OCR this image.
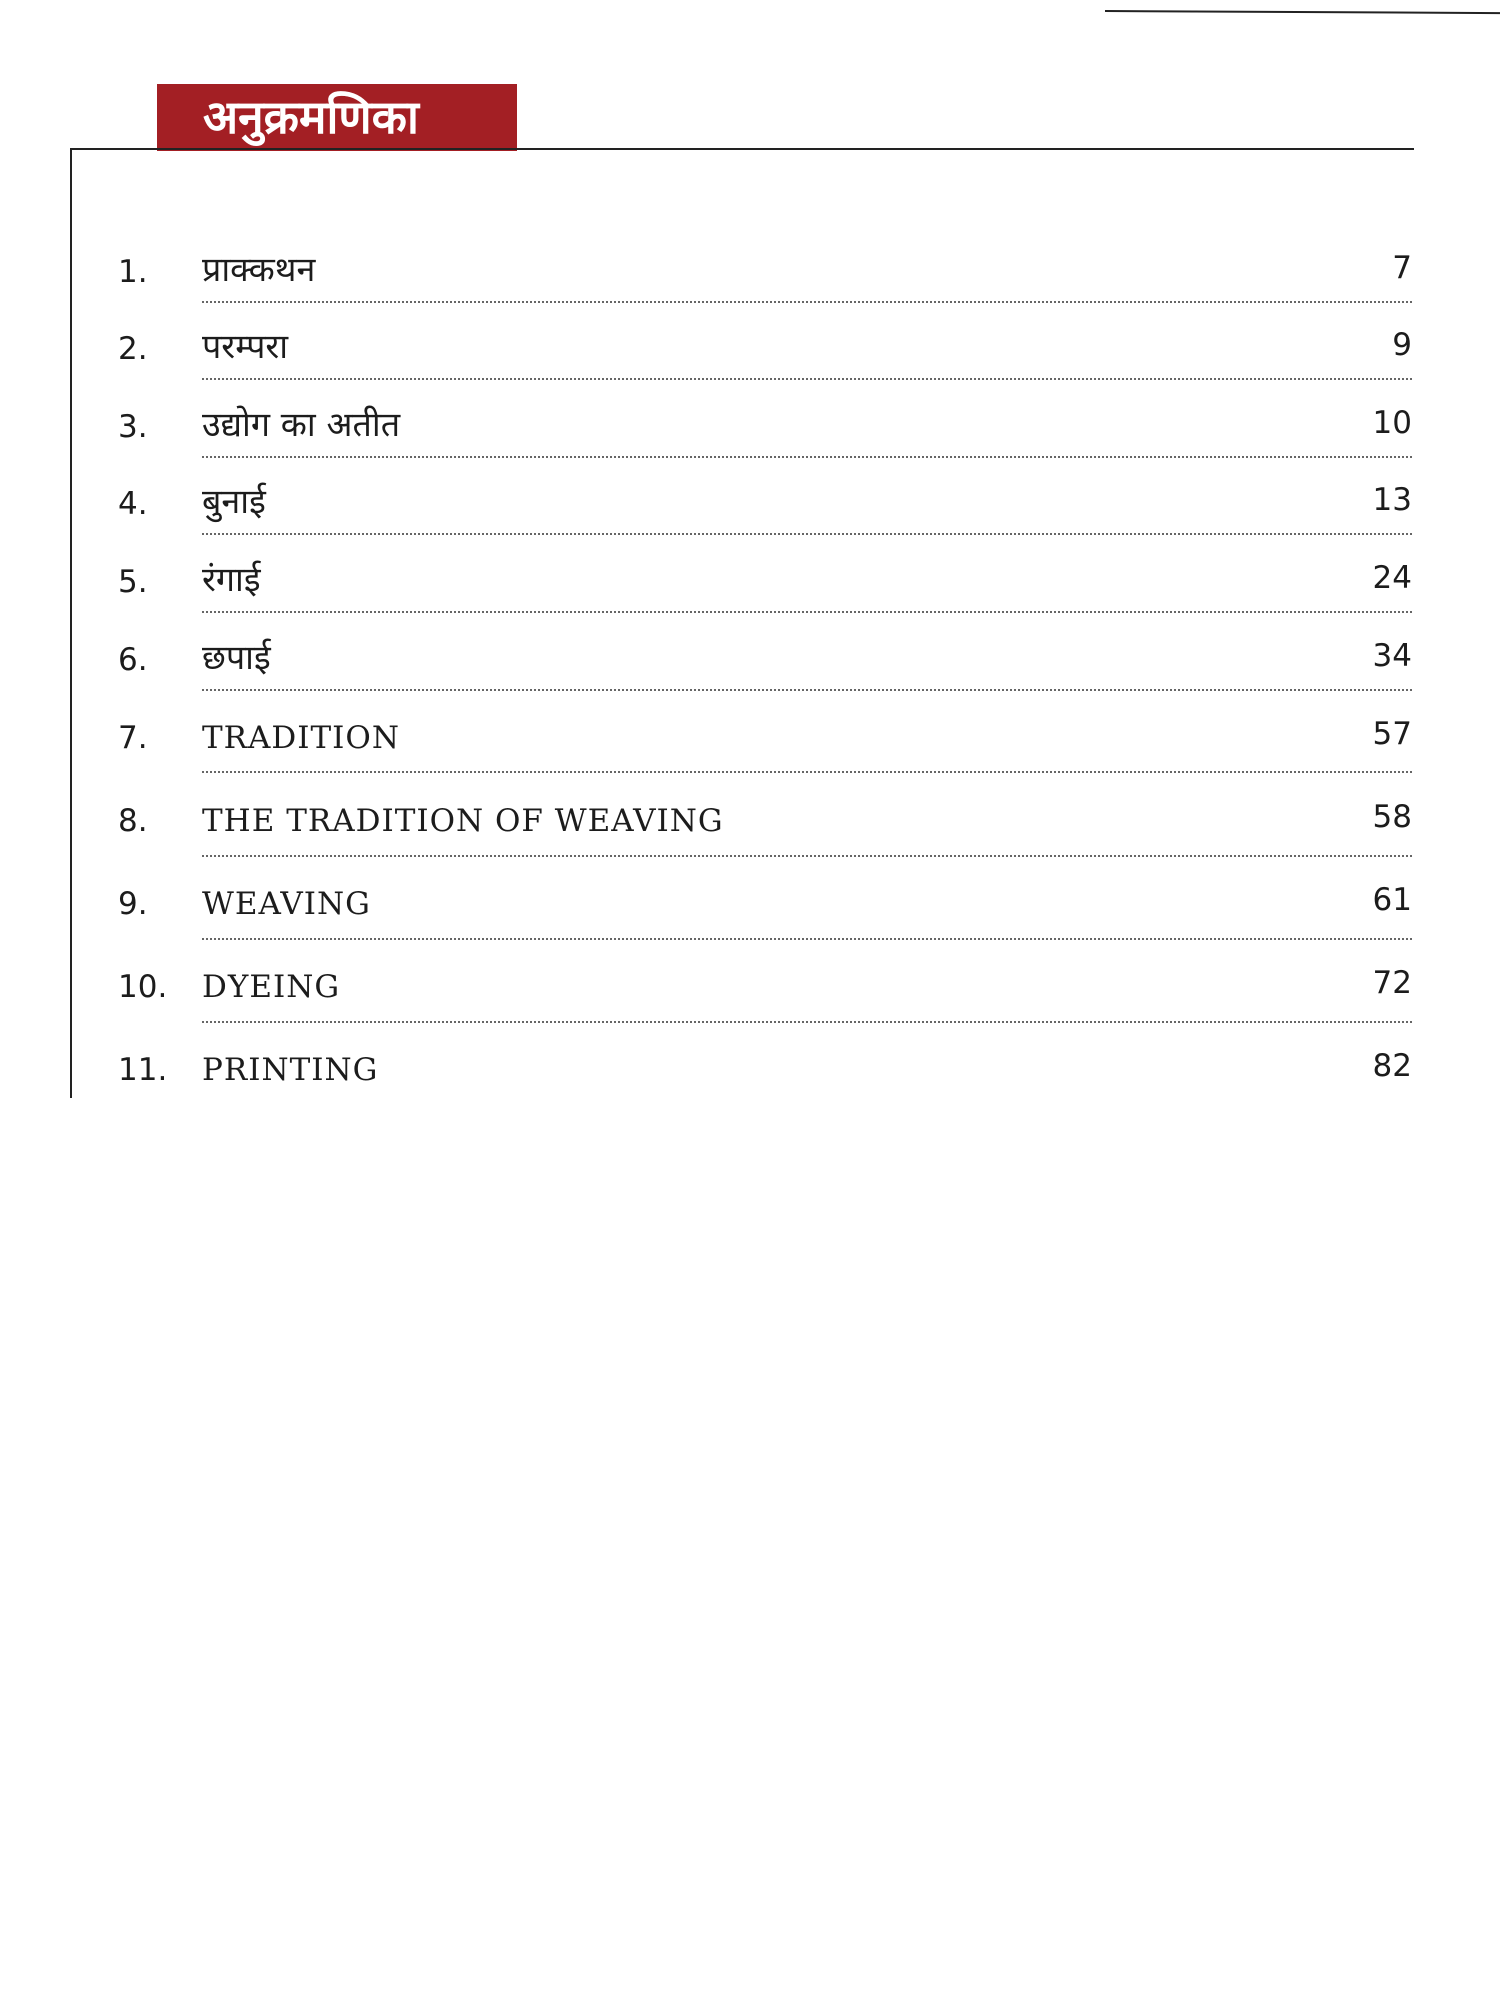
अनुक्रमणिका
1. प्राक्कथन	7
2. परम्परा	9
3. उद्योग का अतीत	10
4. बुनाई	13
5. रंगाई	24
6. छपाई	34
7. TRADITION	57
8. THE TRADITION OF WEAVING	58
9. WEAVING	61
10. DYEING	72
11. PRINTING	82
